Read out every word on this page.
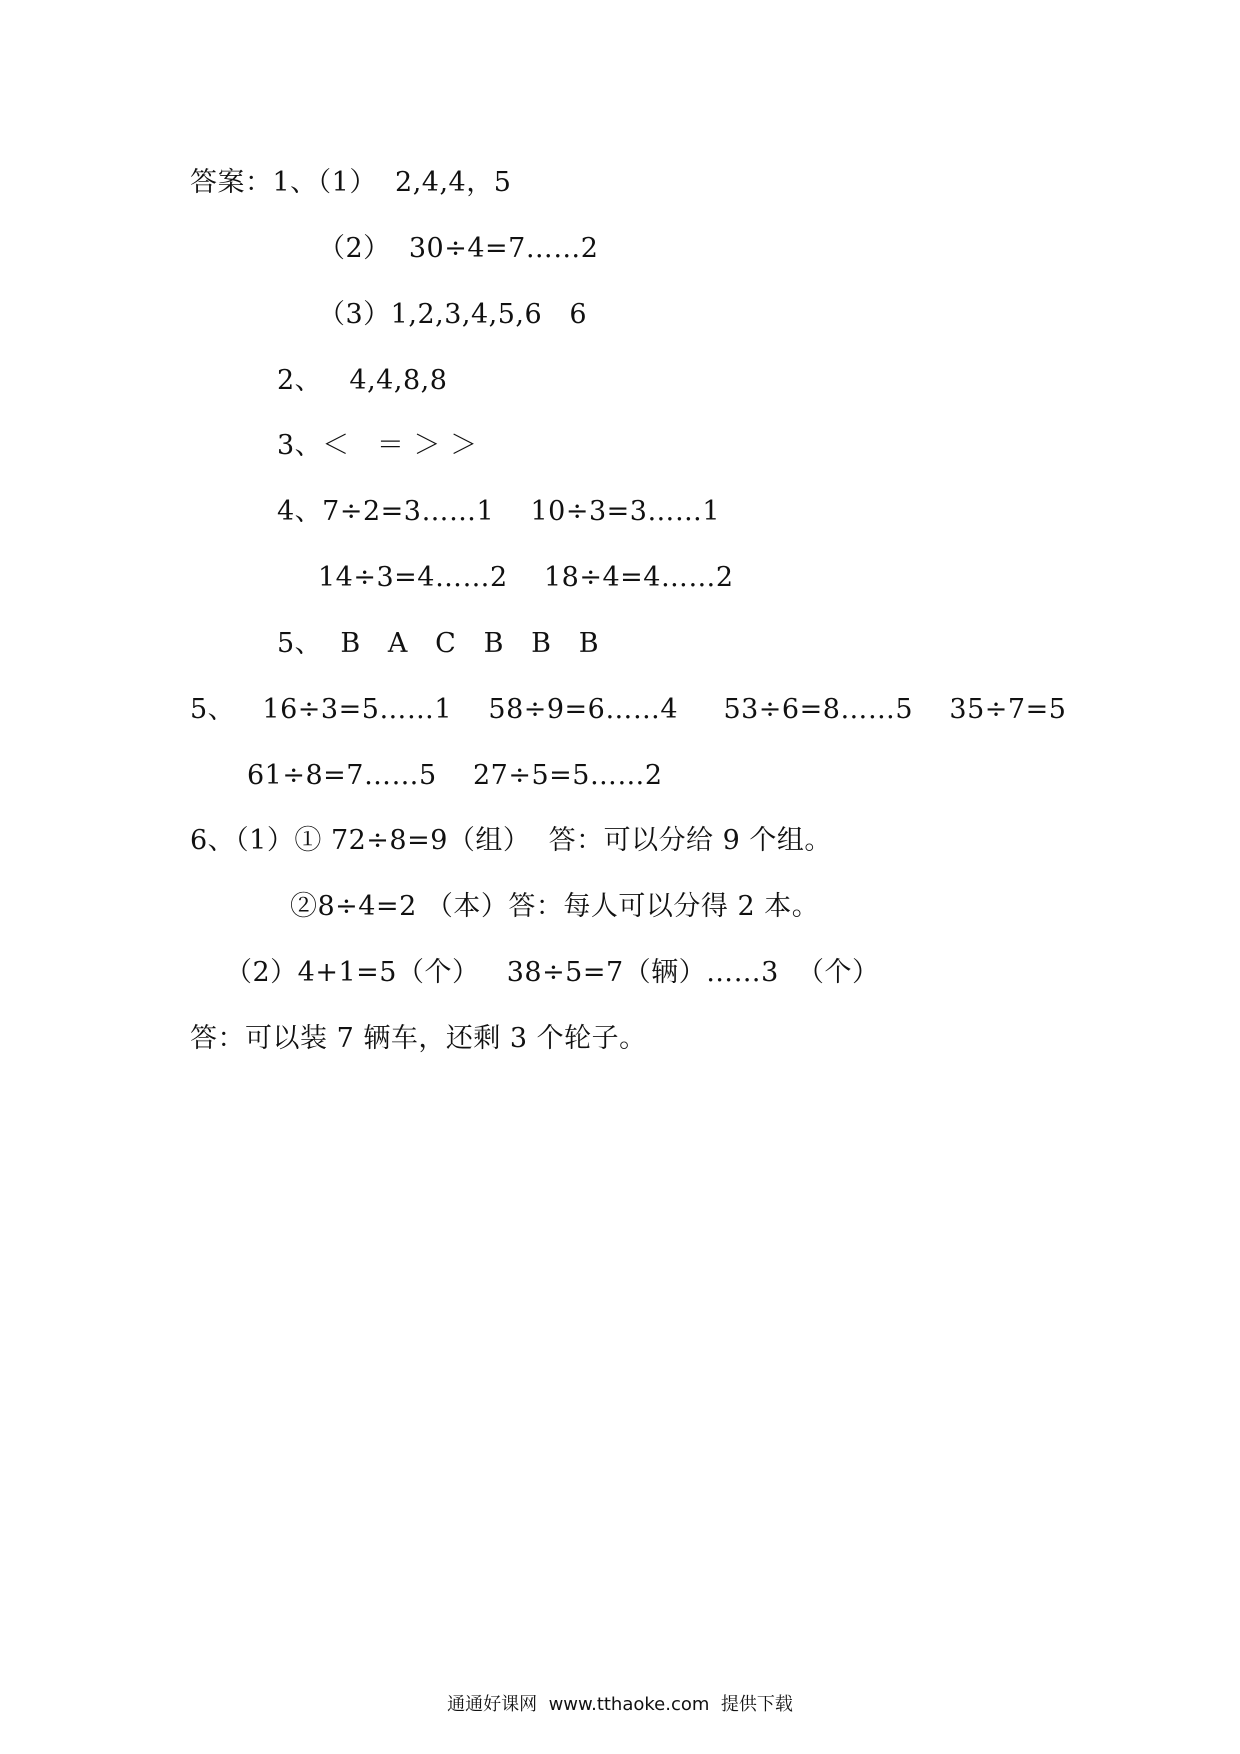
答案：1、（1）  2,4,4，5
（2）  30÷4=7……2
（3）1,2,3,4,5,6   6
2、   4,4,8,8
3、＜   ＝ ＞ ＞
4、7÷2=3……1    10÷3=3……1
14÷3=4……2    18÷4=4……2
5、  B   A   C   B   B   B
5、   16÷3=5……1    58÷9=6……4     53÷6=8……5    35÷7=5
61÷8=7……5    27÷5=5……2
6、（1）① 72÷8=9（组）  答：可以分给 9 个组。
②8÷4=2 （本）答：每人可以分得 2 本。
（2）4+1=5（个）   38÷5=7（辆）……3  （个）
答：可以装 7 辆车，还剩 3 个轮子。
通通好课网  www.tthaoke.com  提供下载
